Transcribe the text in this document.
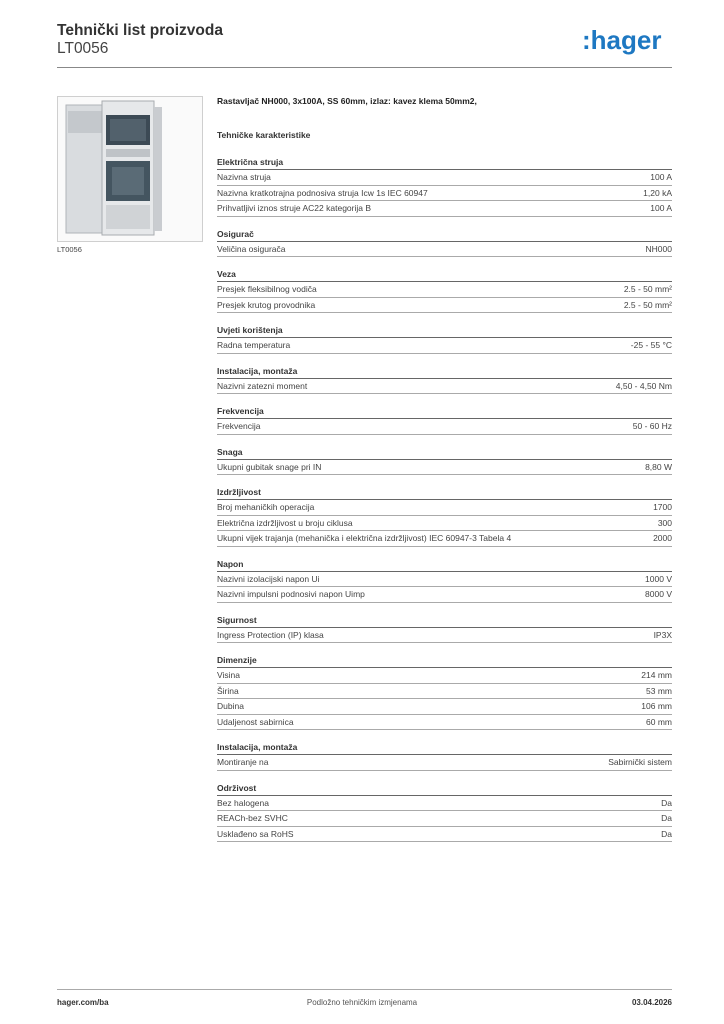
Tehnički list proizvoda
LT0056	:hager
LT0056
Rastavljač NH000, 3x100A, SS 60mm, izlaz: kavez klema 50mm2,
Tehničke karakteristike
Električna struja
Nazivna struja	100 A
Nazivna kratkotrajna podnosiva struja Icw 1s IEC 60947	1,20 kA
Prihvatljivi iznos struje AC22 kategorija B	100 A
Osigurač
Veličina osigurača	NH000
Veza
Presjek fleksibilnog vodiča	2.5 - 50 mm²
Presjek krutog provodnika	2.5 - 50 mm²
Uvjeti korištenja
Radna temperatura	-25 - 55 °C
Instalacija, montaža
Nazivni zatezni moment	4,50 - 4,50 Nm
Frekvencija
Frekvencija	50 - 60 Hz
Snaga
Ukupni gubitak snage pri IN	8,80 W
Izdržljivost
Broj mehaničkih operacija	1700
Električna izdržljivost u broju ciklusa	300
Ukupni vijek trajanja (mehanička i električna izdržljivost) IEC 60947-3 Tabela 4	2000
Napon
Nazivni izolacijski napon Ui	1000 V
Nazivni impulsni podnosivi napon Uimp	8000 V
Sigurnost
Ingress Protection (IP) klasa	IP3X
Dimenzije
Visina	214 mm
Širina	53 mm
Dubina	106 mm
Udaljenost sabirnica	60 mm
Instalacija, montaža
Montiranje na	Sabirnički sistem
Održivost
Bez halogena	Da
REACh-bez SVHC	Da
Usklađeno sa RoHS	Da
hager.com/ba	Podložno tehničkim izmjenama	03.04.2026
